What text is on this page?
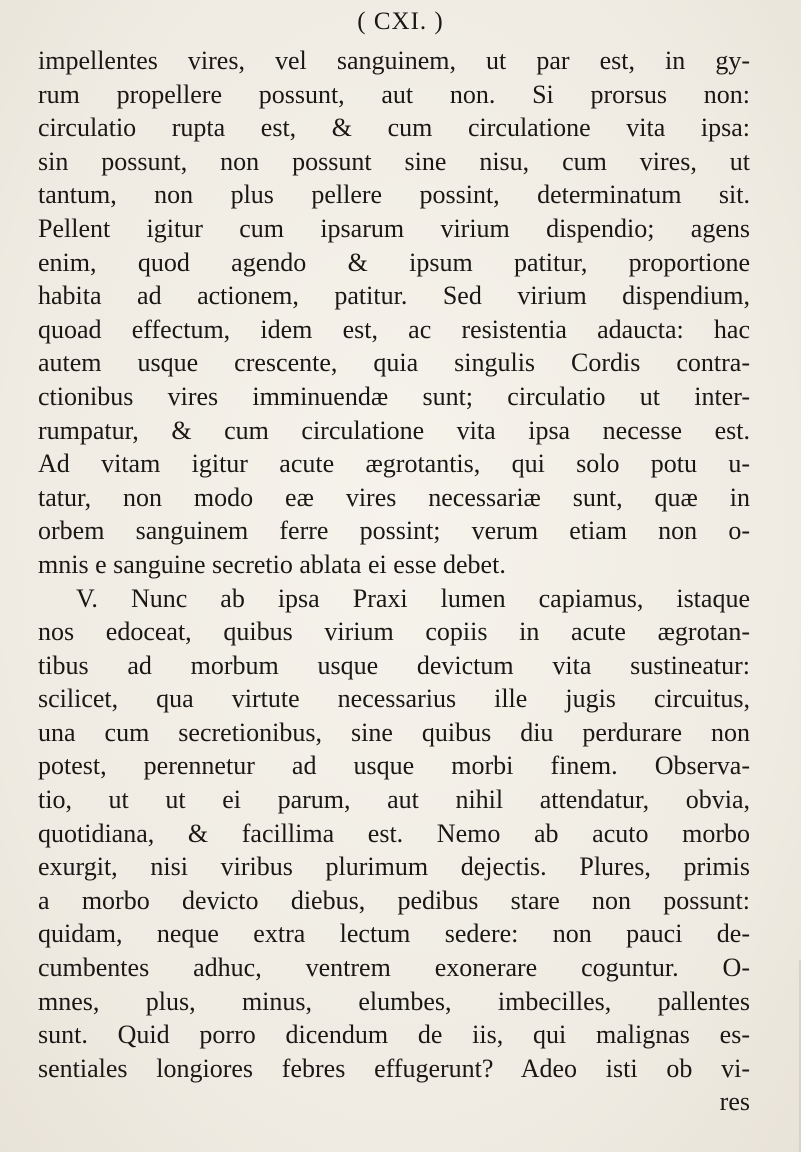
( CXI. )
impellentes vires, vel sanguinem, ut par est, in gy-
rum propellere possunt, aut non. Si prorsus non:
circulatio rupta est, & cum circulatione vita ipsa:
sin possunt, non possunt sine nisu, cum vires, ut
tantum, non plus pellere possint, determinatum sit.
Pellent igitur cum ipsarum virium dispendio; agens
enim, quod agendo & ipsum patitur, proportione
habita ad actionem, patitur. Sed virium dispendium,
quoad effectum, idem est, ac resistentia adaucta: hac
autem usque crescente, quia singulis Cordis contra-
ctionibus vires imminuendæ sunt; circulatio ut inter-
rumpatur, & cum circulatione vita ipsa necesse est.
Ad vitam igitur acute ægrotantis, qui solo potu u-
tatur, non modo eæ vires necessariæ sunt, quæ in
orbem sanguinem ferre possint; verum etiam non o-
mnis e sanguine secretio ablata ei esse debet.
V. Nunc ab ipsa Praxi lumen capiamus, istaque
nos edoceat, quibus virium copiis in acute ægrotan-
tibus ad morbum usque devictum vita sustineatur:
scilicet, qua virtute necessarius ille jugis circuitus,
una cum secretionibus, sine quibus diu perdurare non
potest, perennetur ad usque morbi finem. Observa-
tio, ut ut ei parum, aut nihil attendatur, obvia,
quotidiana, & facillima est. Nemo ab acuto morbo
exurgit, nisi viribus plurimum dejectis. Plures, primis
a morbo devicto diebus, pedibus stare non possunt:
quidam, neque extra lectum sedere: non pauci de-
cumbentes adhuc, ventrem exonerare coguntur. O-
mnes, plus, minus, elumbes, imbecilles, pallentes
sunt. Quid porro dicendum de iis, qui malignas es-
sentiales longiores febres effugerunt? Adeo isti ob vi-
res
